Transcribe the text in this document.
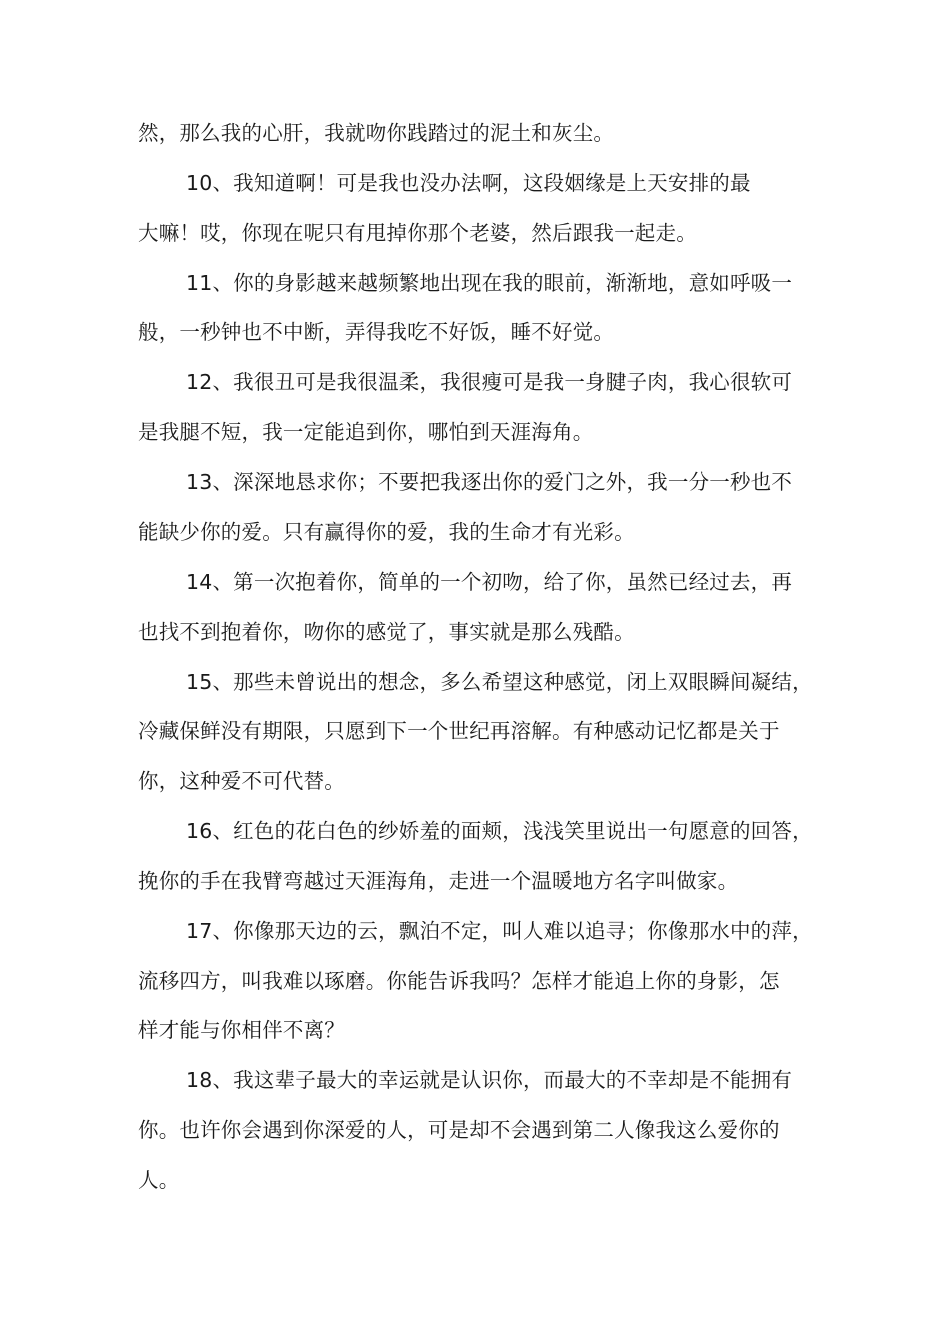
然，那么我的心肝，我就吻你践踏过的泥土和灰尘。
10、我知道啊！可是我也没办法啊，这段姻缘是上天安排的最
大嘛！哎，你现在呢只有甩掉你那个老婆，然后跟我一起走。
11、你的身影越来越频繁地出现在我的眼前，渐渐地，意如呼吸一
般，一秒钟也不中断，弄得我吃不好饭，睡不好觉。
12、我很丑可是我很温柔，我很瘦可是我一身腱子肉，我心很软可
是我腿不短，我一定能追到你，哪怕到天涯海角。
13、深深地恳求你；不要把我逐出你的爱门之外，我一分一秒也不
能缺少你的爱。只有赢得你的爱，我的生命才有光彩。
14、第一次抱着你，简单的一个初吻，给了你，虽然已经过去，再
也找不到抱着你，吻你的感觉了，事实就是那么残酷。
15、那些未曾说出的想念，多么希望这种感觉，闭上双眼瞬间凝结，
冷藏保鲜没有期限，只愿到下一个世纪再溶解。有种感动记忆都是关于
你，这种爱不可代替。
16、红色的花白色的纱娇羞的面颊，浅浅笑里说出一句愿意的回答，
挽你的手在我臂弯越过天涯海角，走进一个温暖地方名字叫做家。
17、你像那天边的云，飘泊不定，叫人难以追寻；你像那水中的萍，
流移四方，叫我难以琢磨。你能告诉我吗？怎样才能追上你的身影，怎
样才能与你相伴不离？
18、我这辈子最大的幸运就是认识你，而最大的不幸却是不能拥有
你。也许你会遇到你深爱的人，可是却不会遇到第二人像我这么爱你的
人。
